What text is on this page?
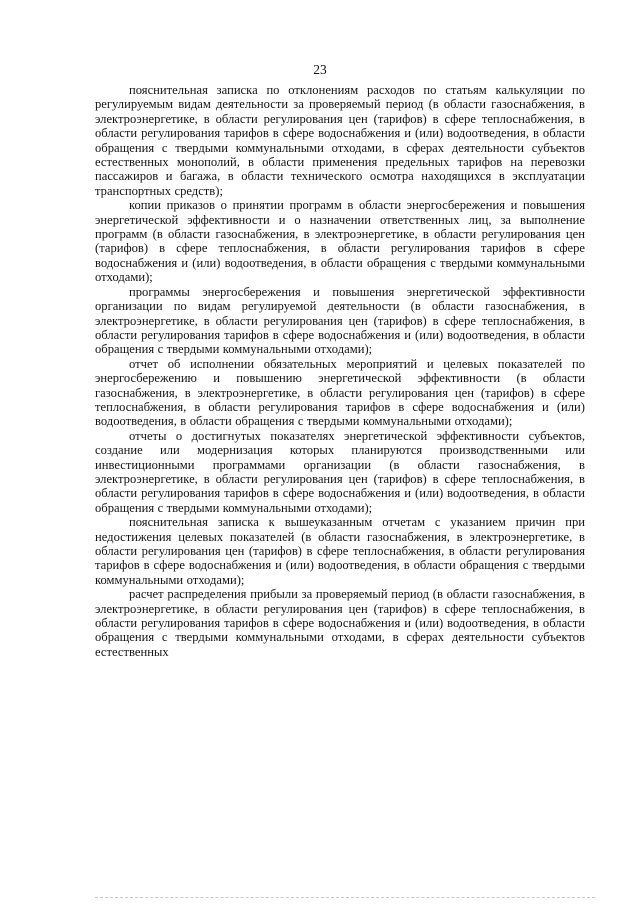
23

пояснительная записка по отклонениям расходов по статьям калькуляции по регулируемым видам деятельности за проверяемый период (в области газоснабжения, в электроэнергетике, в области регулирования цен (тарифов) в сфере теплоснабжения, в области регулирования тарифов в сфере водоснабжения и (или) водоотведения, в области обращения с твердыми коммунальными отходами, в сферах деятельности субъектов естественных монополий, в области применения предельных тарифов на перевозки пассажиров и багажа, в области технического осмотра находящихся в эксплуатации транспортных средств);

копии приказов о принятии программ в области энергосбережения и повышения энергетической эффективности и о назначении ответственных лиц, за выполнение программ (в области газоснабжения, в электроэнергетике, в области регулирования цен (тарифов) в сфере теплоснабжения, в области регулирования тарифов в сфере водоснабжения и (или) водоотведения, в области обращения с твердыми коммунальными отходами);

программы энергосбережения и повышения энергетической эффективности организации по видам регулируемой деятельности (в области газоснабжения, в электроэнергетике, в области регулирования цен (тарифов) в сфере теплоснабжения, в области регулирования тарифов в сфере водоснабжения и (или) водоотведения, в области обращения с твердыми коммунальными отходами);

отчет об исполнении обязательных мероприятий и целевых показателей по энергосбережению и повышению энергетической эффективности (в области газоснабжения, в электроэнергетике, в области регулирования цен (тарифов) в сфере теплоснабжения, в области регулирования тарифов в сфере водоснабжения и (или) водоотведения, в области обращения с твердыми коммунальными отходами);

отчеты о достигнутых показателях энергетической эффективности субъектов, создание или модернизация которых планируются производственными или инвестиционными программами организации (в области газоснабжения, в электроэнергетике, в области регулирования цен (тарифов) в сфере теплоснабжения, в области регулирования тарифов в сфере водоснабжения и (или) водоотведения, в области обращения с твердыми коммунальными отходами);

пояснительная записка к вышеуказанным отчетам с указанием причин при недостижения целевых показателей (в области газоснабжения, в электроэнергетике, в области регулирования цен (тарифов) в сфере теплоснабжения, в области регулирования тарифов в сфере водоснабжения и (или) водоотведения, в области обращения с твердыми коммунальными отходами);

расчет распределения прибыли за проверяемый период (в области газоснабжения, в электроэнергетике, в области регулирования цен (тарифов) в сфере теплоснабжения, в области регулирования тарифов в сфере водоснабжения и (или) водоотведения, в области обращения с твердыми коммунальными отходами, в сферах деятельности субъектов естественных
